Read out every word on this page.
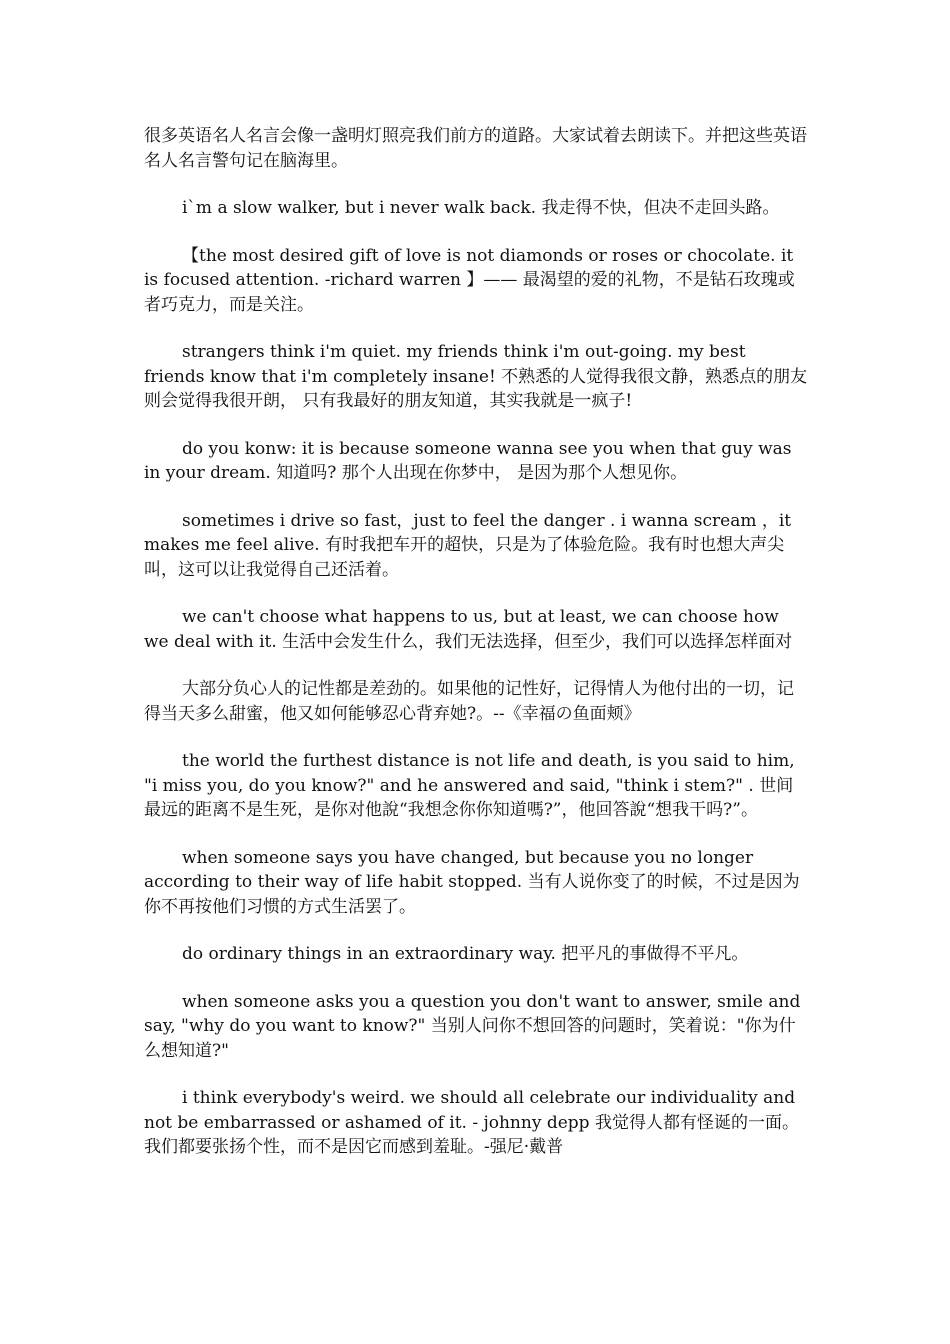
很多英语名人名言会像一盏明灯照亮我们前方的道路。大家试着去朗读下。并把这些英语名人名言警句记在脑海里。

i`m a slow walker, but i never walk back. 我走得不快，但决不走回头路。

【the most desired gift of love is not diamonds or roses or chocolate. it is focused attention. -richard warren 】—— 最渴望的爱的礼物，不是钻石玫瑰或者巧克力，而是关注。

strangers think i'm quiet. my friends think i'm out-going. my best friends know that i'm completely insane! 不熟悉的人觉得我很文静，熟悉点的朋友则会觉得我很开朗， 只有我最好的朋友知道，其实我就是一疯子!

do you konw: it is because someone wanna see you when that guy was in your dream. 知道吗? 那个人出现在你梦中， 是因为那个人想见你。

sometimes i drive so fast，just to feel the danger . i wanna scream ，it makes me feel alive. 有时我把车开的超快，只是为了体验危险。我有时也想大声尖叫，这可以让我觉得自己还活着。

we can't choose what happens to us, but at least, we can choose how we deal with it. 生活中会发生什么，我们无法选择，但至少，我们可以选择怎样面对

大部分负心人的记性都是差劲的。如果他的记性好，记得情人为他付出的一切，记得当天多么甜蜜，他又如何能够忍心背弃她?。--《幸福の鱼面颊》

the world the furthest distance is not life and death, is you said to him, "i miss you, do you know?" and he answered and said, "think i stem?" . 世间最远的距离不是生死，是你对他說“我想念你你知道嗎?”，他回答說“想我干吗?”。

when someone says you have changed, but because you no longer according to their way of life habit stopped. 当有人说你变了的时候，不过是因为你不再按他们习惯的方式生活罢了。

do ordinary things in an extraordinary way. 把平凡的事做得不平凡。

when someone asks you a question you don't want to answer, smile and say, "why do you want to know?" 当别人问你不想回答的问题时，笑着说："你为什么想知道?"

i think everybody's weird. we should all celebrate our individuality and not be embarrassed or ashamed of it. - johnny depp 我觉得人都有怪诞的一面。我们都要张扬个性，而不是因它而感到羞耻。-强尼·戴普
